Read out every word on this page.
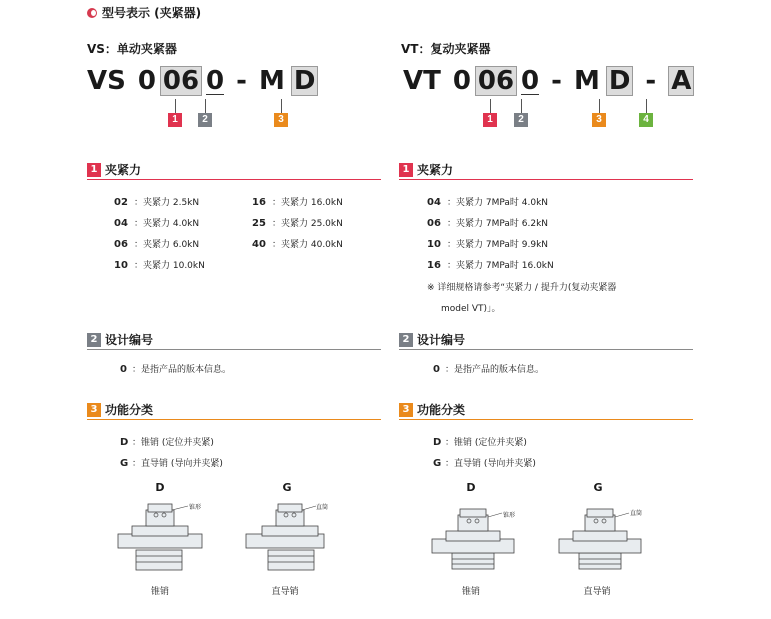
型号表示 (夹紧器)
VS：单动夹紧器
VS 0 06 0 - M D
1	2	3
1 夹紧力
02 ：夹紧力 2.5kN
04 ：夹紧力 4.0kN
06 ：夹紧力 6.0kN
10 ：夹紧力 10.0kN
16 ：夹紧力 16.0kN
25 ：夹紧力 25.0kN
40 ：夹紧力 40.0kN
2 设计编号
0 ：是指产品的版本信息。
3 功能分类
D ：锥销 (定位并夹紧)
G ：直导销 (导向并夹紧)
D	G
锥形	直筒
锥销	直导销
VT：复动夹紧器
VT 0 06 0 - M D - A
1	2	3	4
1 夹紧力
04 ：夹紧力 7MPa时 4.0kN
06 ：夹紧力 7MPa时 6.2kN
10 ：夹紧力 7MPa时 9.9kN
16 ：夹紧力 7MPa时 16.0kN
※ 详细规格请参考“夹紧力 / 提升力(复动夹紧器
model VT)」。
2 设计编号
0 ：是指产品的版本信息。
3 功能分类
D ：锥销 (定位并夹紧)
G ：直导销 (导向并夹紧)
D	G
锥形	直筒
锥销	直导销
